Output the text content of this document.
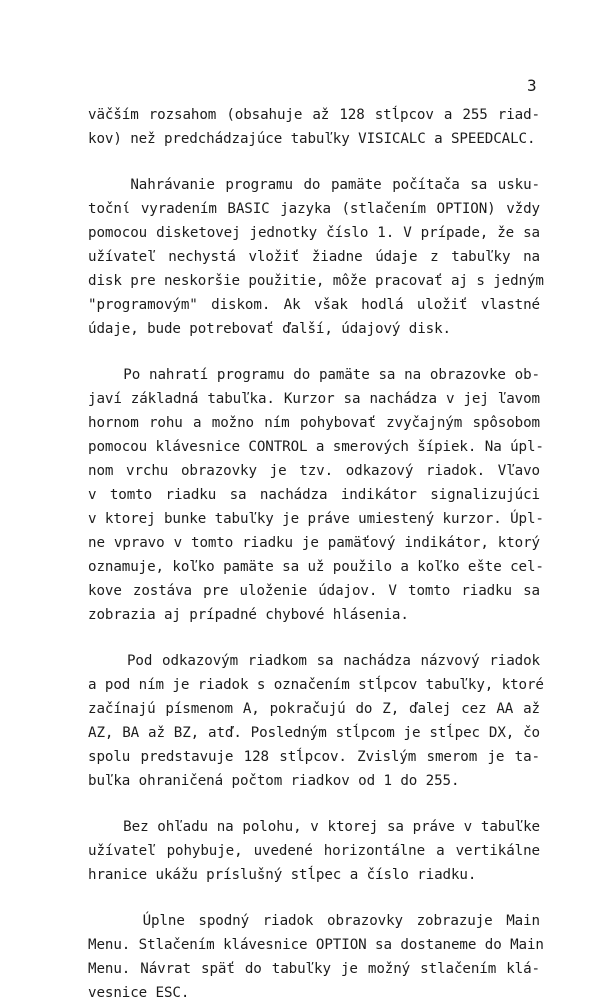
3

väčším rozsahom (obsahuje až 128 stĺpcov a 255 riad-
kov) než predchádzajúce tabuľky VISICALC a SPEEDCALC.

Nahrávanie programu do pamäte počítača sa usku-
točnί vyradením BASIC jazyka (stlačením OPTION) vždy
pomocou disketovej jednotky číslo 1. V prípade, že sa
užívateľ nechystá vložiť žiadne údaje z tabuľky na
disk pre neskoršie použitie, môže pracovať aj s jedným
"programovým" diskom. Ak však hodlá uložiť vlastné
údaje, bude potrebovať ďalší, údajový disk.

Po nahratí programu do pamäte sa na obrazovke ob-
javí základná tabuľka. Kurzor sa nachádza v jej ľavom
hornom rohu a možno ním pohybovať zvyčajným spôsobom
pomocou klávesnice CONTROL a smerových šípiek. Na úpl-
nom vrchu obrazovky je tzv. odkazový riadok. Vľavo
v tomto riadku sa nachádza indikátor signalizujúci
v ktorej bunke tabuľky je práve umiestený kurzor. Úpl-
ne vpravo v tomto riadku je pamäťový indikátor, ktorý
oznamuje, koľko pamäte sa už použilo a koľko ešte cel-
kove zostáva pre uloženie údajov. V tomto riadku sa
zobrazia aj prípadné chybové hlásenia.

Pod odkazovým riadkom sa nachádza názvový riadok
a pod ním je riadok s označením stĺpcov tabuľky, ktoré
začínajú písmenom A, pokračujú do Z, ďalej cez AA až
AZ, BA až BZ, atď. Posledným stĺpcom je stĺpec DX, čo
spolu predstavuje 128 stĺpcov. Zvislým smerom je ta-
buľka ohraničená počtom riadkov od 1 do 255.

Bez ohľadu na polohu, v ktorej sa práve v tabuľke
užívateľ pohybuje, uvedené horizontálne a vertikálne
hranice ukážu príslušný stĺpec a číslo riadku.

Úplne spodný riadok obrazovky zobrazuje Main
Menu. Stlačením klávesnice OPTION sa dostaneme do Main
Menu. Návrat späť do tabuľky je možný stlačením klá-
vesnice ESC.
